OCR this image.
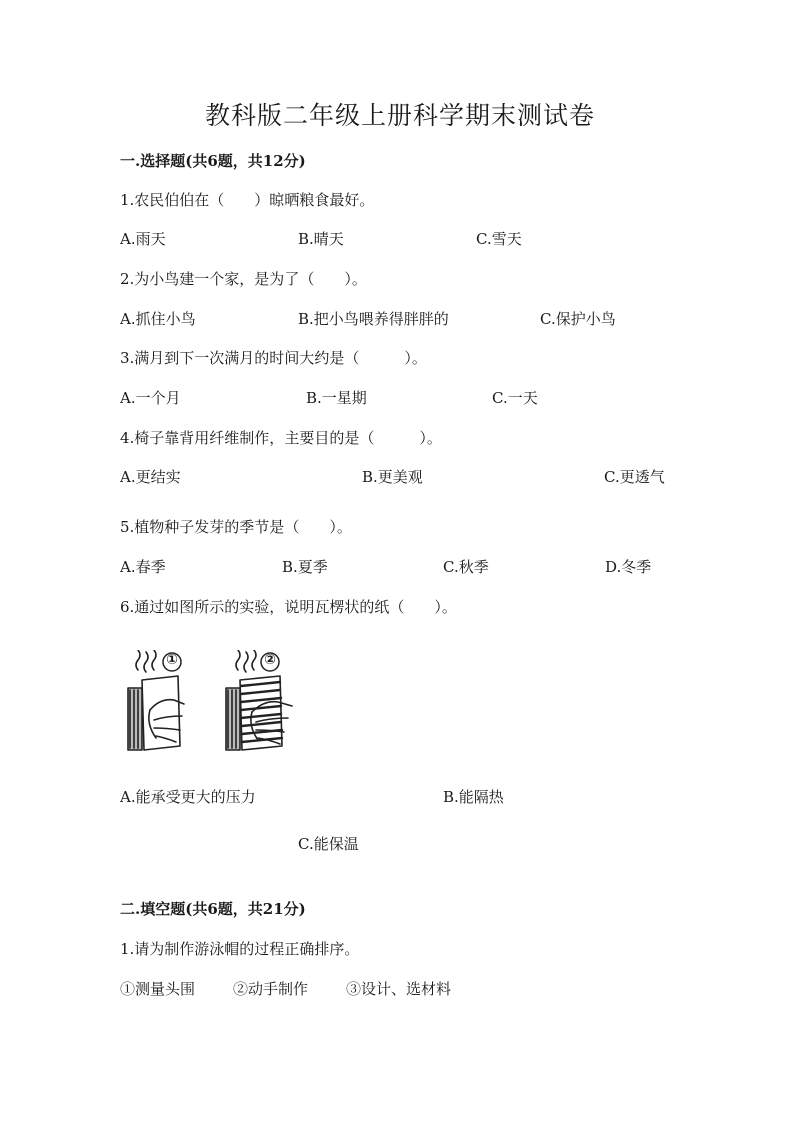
教科版二年级上册科学期末测试卷
一.选择题(共6题，共12分)
1.农民伯伯在（　　）晾晒粮食最好。
A.雨天	B.晴天	C.雪天
2.为小鸟建一个家，是为了（　　）。
A.抓住小鸟	B.把小鸟喂养得胖胖的	C.保护小鸟
3.满月到下一次满月的时间大约是（　　　）。
A.一个月	B.一星期	C.一天
4.椅子靠背用纤维制作，主要目的是（　　　）。
A.更结实	B.更美观	C.更透气
5.植物种子发芽的季节是（　　）。
A.春季	B.夏季	C.秋季	D.冬季
6.通过如图所示的实验，说明瓦楞状的纸（　　）。
①	②
A.能承受更大的压力	B.能隔热
C.能保温
二.填空题(共6题，共21分)
1.请为制作游泳帽的过程正确排序。
①测量头围	②动手制作	③设计、选材料
